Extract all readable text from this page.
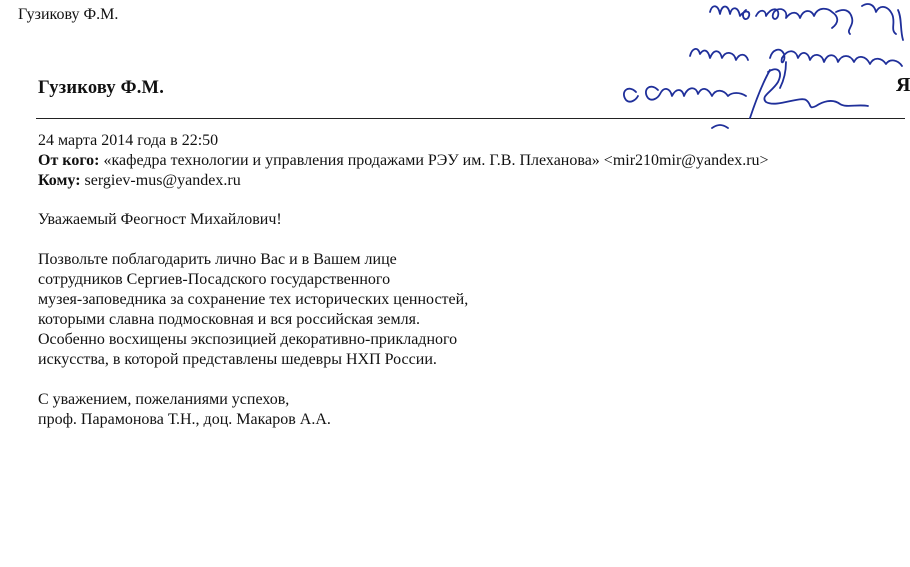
Гузикову Ф.М.
Гузикову Ф.М.
24 марта 2014 года в 22:50
От кого: «кафедра технологии и управления продажами РЭУ им. Г.В. Плеханова» <mir210mir@yandex.ru>
Кому: sergiev-mus@yandex.ru

Уважаемый Феогност Михайлович!

Позвольте поблагодарить лично Вас и в Вашем лице

сотрудников Сергиев-Посадского государственного

музея-заповедника за сохранение тех исторических ценностей,

которыми славна подмосковная и вся российская земля.

Особенно восхищены экспозицией декоративно-прикладного

искусства, в которой представлены шедевры НХП России.

С уважением, пожеланиями успехов,

проф. Парамонова Т.Н., доц. Макаров А.А.

Я
